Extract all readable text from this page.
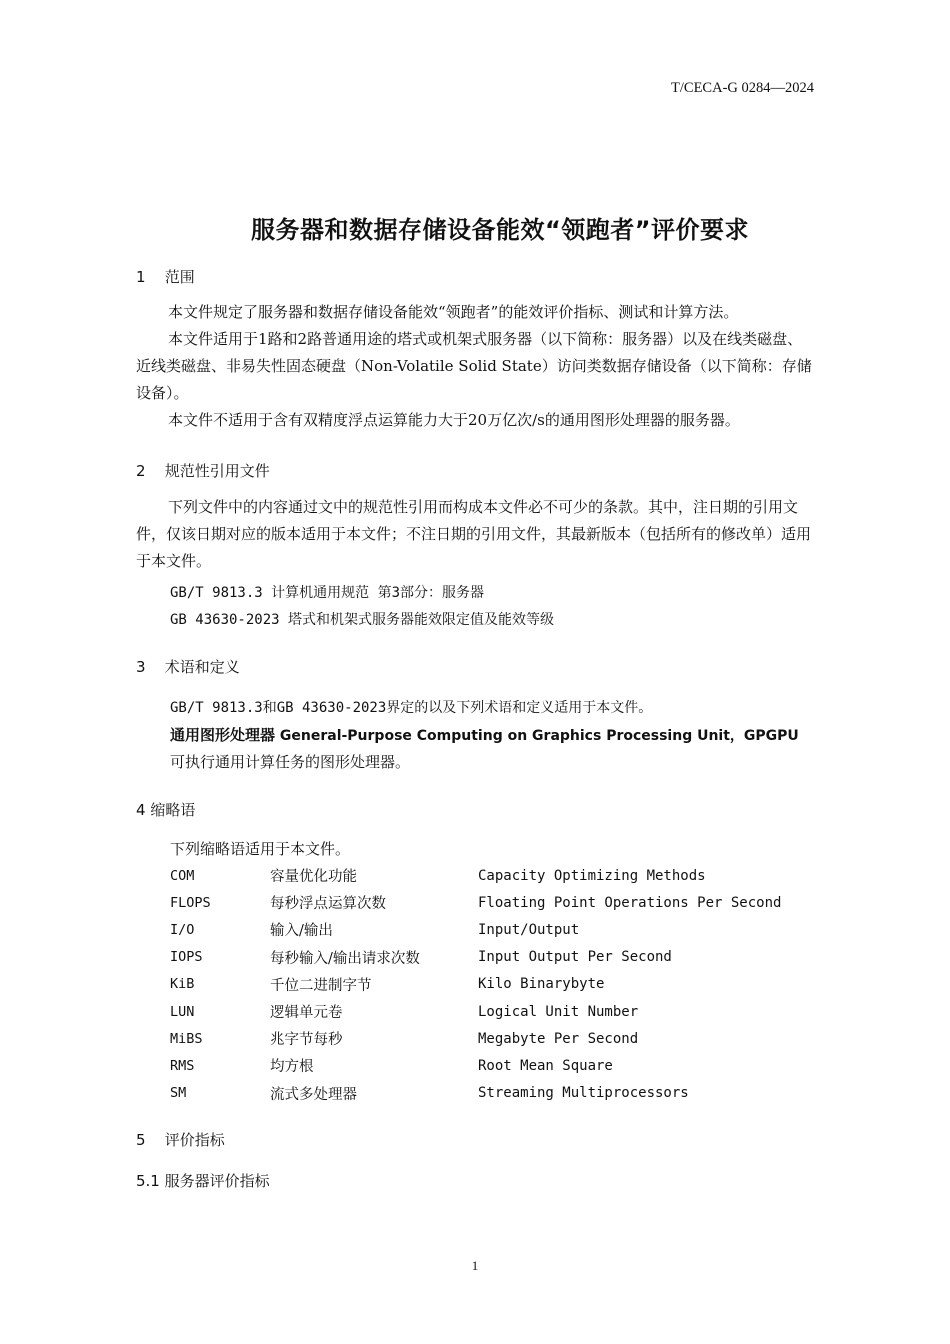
T/CECA-G 0284—2024
服务器和数据存储设备能效“领跑者”评价要求
1 范围
本文件规定了服务器和数据存储设备能效“领跑者”的能效评价指标、测试和计算方法。
本文件适用于1路和2路普通用途的塔式或机架式服务器（以下简称：服务器）以及在线类磁盘、近线类磁盘、非易失性固态硬盘（Non-Volatile Solid State）访问类数据存储设备（以下简称：存储设备）。
本文件不适用于含有双精度浮点运算能力大于20万亿次/s的通用图形处理器的服务器。
2 规范性引用文件
下列文件中的内容通过文中的规范性引用而构成本文件必不可少的条款。其中，注日期的引用文件，仅该日期对应的版本适用于本文件；不注日期的引用文件，其最新版本（包括所有的修改单）适用于本文件。
GB/T 9813.3 计算机通用规范 第3部分：服务器
GB 43630-2023 塔式和机架式服务器能效限定值及能效等级
3 术语和定义
GB/T 9813.3和GB 43630-2023界定的以及下列术语和定义适用于本文件。
通用图形处理器 General-Purpose Computing on Graphics Processing Unit，GPGPU
可执行通用计算任务的图形处理器。
4 缩略语
下列缩略语适用于本文件。
COM	容量优化功能	Capacity Optimizing Methods
FLOPS	每秒浮点运算次数	Floating Point Operations Per Second
I/O	输入/输出	Input/Output
IOPS	每秒输入/输出请求次数	Input Output Per Second
KiB	千位二进制字节	Kilo Binarybyte
LUN	逻辑单元卷	Logical Unit Number
MiBS	兆字节每秒	Megabyte Per Second
RMS	均方根	Root Mean Square
SM	流式多处理器	Streaming Multiprocessors
5 评价指标
5.1 服务器评价指标
1
